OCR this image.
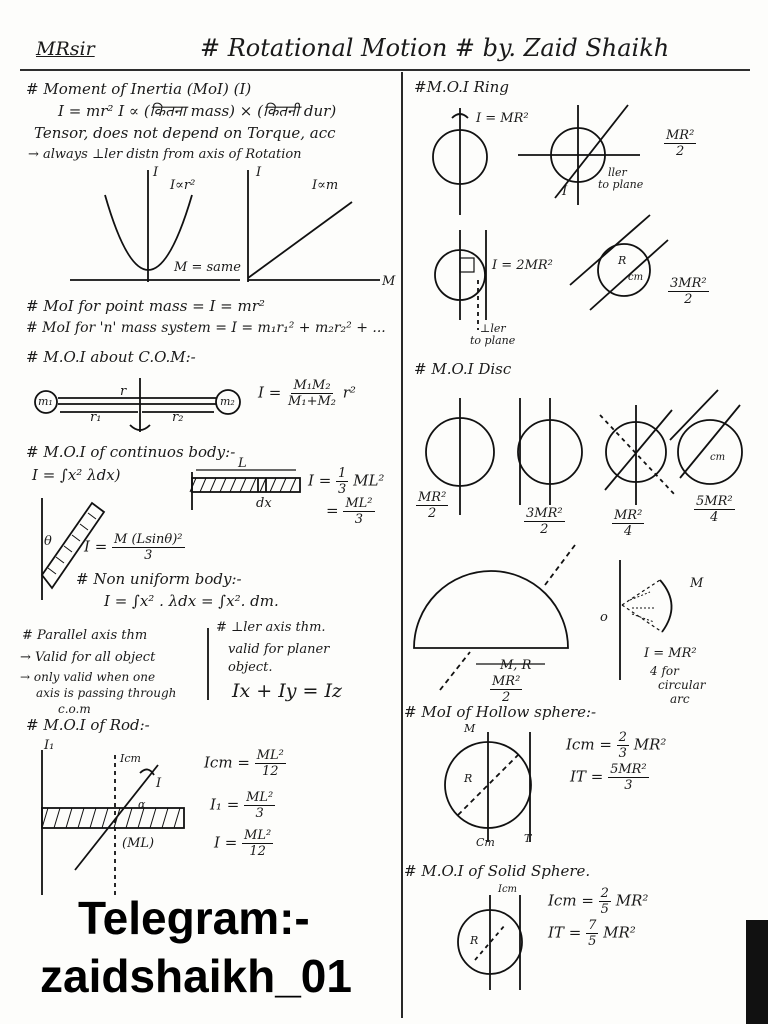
MRsir	# Rotational Motion # by. Zaid Shaikh
# Moment of Inertia (MoI) (I)
I = mr² I ∝ (कितना mass) × (कितनी dur)
Tensor, does not depend on Torque, acc
→ always ⊥ler distn from axis of Rotation
I
I∝r²
M = same
I
I∝m
M
# MoI for point mass = I = mr²
# MoI for 'n' mass system = I = m₁r₁² + m₂r₂² + ...
# M.O.I about C.O.M:-
m₁	m₂
r
r₁	r₂
$I = \frac{\text{M₁M₂}}{\text{M₁+M₂}} r^2$
# M.O.I of continuos body:-
I = ∫x² λdx)
L
dx
$I = \frac{1}{3} ML^2$
= $\frac{\text{ML²}}{3}$
θ $I = \frac{\text{M (Lsinθ)²}}{3}$
# Non uniform body:-
I = ∫x² . λdx = ∫x². dm.
# Parallel axis thm
→ Valid for all object
→ only valid when one
axis is passing through
c.o.m
# ⊥ler axis thm.
valid for planer
object.
Ix + Iy = Iz
# M.O.I of Rod:-
I₁
Icm
I
α
(ML)
Icm = $\frac{\text{ML²}}{12}$
$I_1 = \frac{\text{ML²}}{3}$
$I = \frac{\text{ML²}}{12}$
#M.O.I Ring
I = MR²
$\frac{\text{MR²}}{2}$
I
ller
to plane
I = 2MR²
⊥ler
to plane
R
cm $\frac{\text{3MR²}}{2}$
# M.O.I Disc
cm
$\frac{\text{MR²}}{2}$
$\frac{\text{3MR²}}{2}$	$\frac{\text{MR²}}{4}$	$\frac{\text{5MR²}}{4}$
M, R
$\frac{\text{MR²}}{2}$
M
o
I = MR²
4 for
circular
arc
# MoI of Hollow sphere:-
M
R
Cm	T
Icm = $\frac{2}{3} MR^2$
IT = $\frac{\text{5MR²}}{3}$
# M.O.I of Solid Sphere.
Icm
R
Icm = $\frac{2}{5} MR^2$
IT = $\frac{7}{5} MR^2$
Telegram:-
zaidshaikh_01
